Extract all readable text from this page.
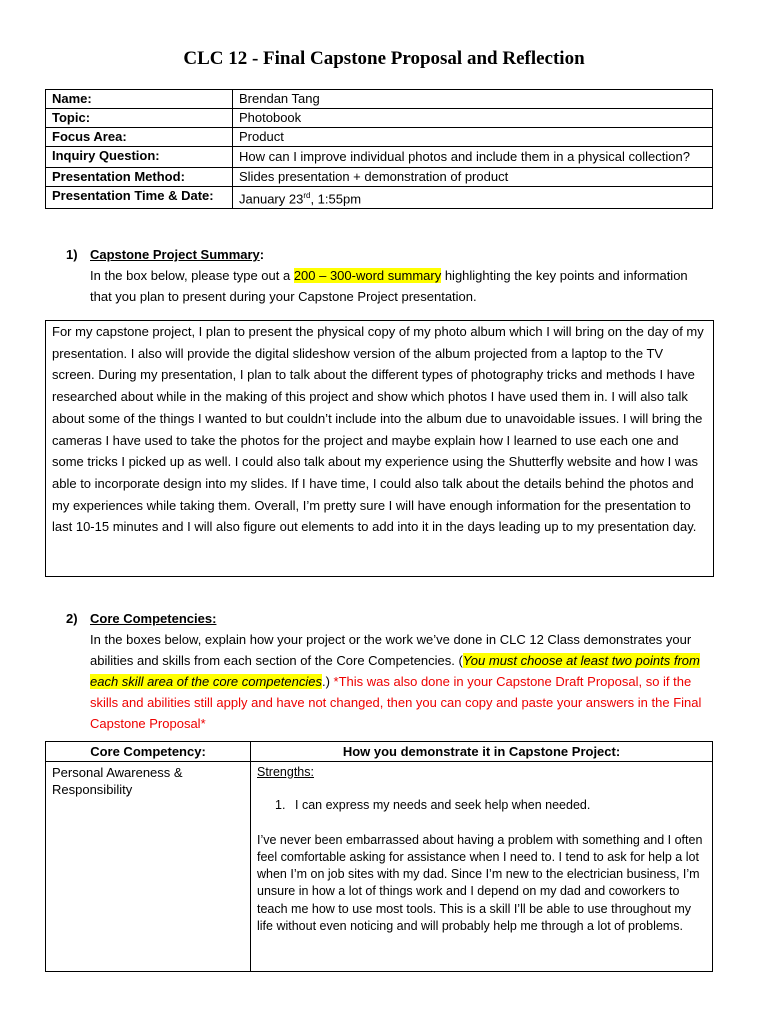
CLC 12 - Final Capstone Proposal and Reflection
Name:	Brendan Tang
Topic:	Photobook
Focus Area:	Product
Inquiry Question:	How can I improve individual photos and include them in a physical collection?
Presentation Method:	Slides presentation + demonstration of product
Presentation Time & Date:	January 23rd, 1:55pm
1) Capstone Project Summary:
In the box below, please type out a 200 – 300-word summary highlighting the key points and information that you plan to present during your Capstone Project presentation.
For my capstone project, I plan to present the physical copy of my photo album which I will bring on the day of my presentation. I also will provide the digital slideshow version of the album projected from a laptop to the TV screen. During my presentation, I plan to talk about the different types of photography tricks and methods I have researched about while in the making of this project and show which photos I have used them in. I will also talk about some of the things I wanted to but couldn’t include into the album due to unavoidable issues. I will bring the cameras I have used to take the photos for the project and maybe explain how I learned to use each one and some tricks I picked up as well. I could also talk about my experience using the Shutterfly website and how I was able to incorporate design into my slides. If I have time, I could also talk about the details behind the photos and my experiences while taking them. Overall, I’m pretty sure I will have enough information for the presentation to last 10-15 minutes and I will also figure out elements to add into it in the days leading up to my presentation day.
2) Core Competencies:
In the boxes below, explain how your project or the work we’ve done in CLC 12 Class demonstrates your abilities and skills from each section of the Core Competencies. (You must choose at least two points from each skill area of the core competencies.) *This was also done in your Capstone Draft Proposal, so if the skills and abilities still apply and have not changed, then you can copy and paste your answers in the Final Capstone Proposal*
Core Competency:	How you demonstrate it in Capstone Project:
Personal Awareness & Responsibility	Strengths:
1. I can express my needs and seek help when needed.
I’ve never been embarrassed about having a problem with something and I often feel comfortable asking for assistance when I need to. I tend to ask for help a lot when I’m on job sites with my dad. Since I’m new to the electrician business, I’m unsure in how a lot of things work and I depend on my dad and coworkers to teach me how to use most tools. This is a skill I’ll be able to use throughout my life without even noticing and will probably help me through a lot of problems.
